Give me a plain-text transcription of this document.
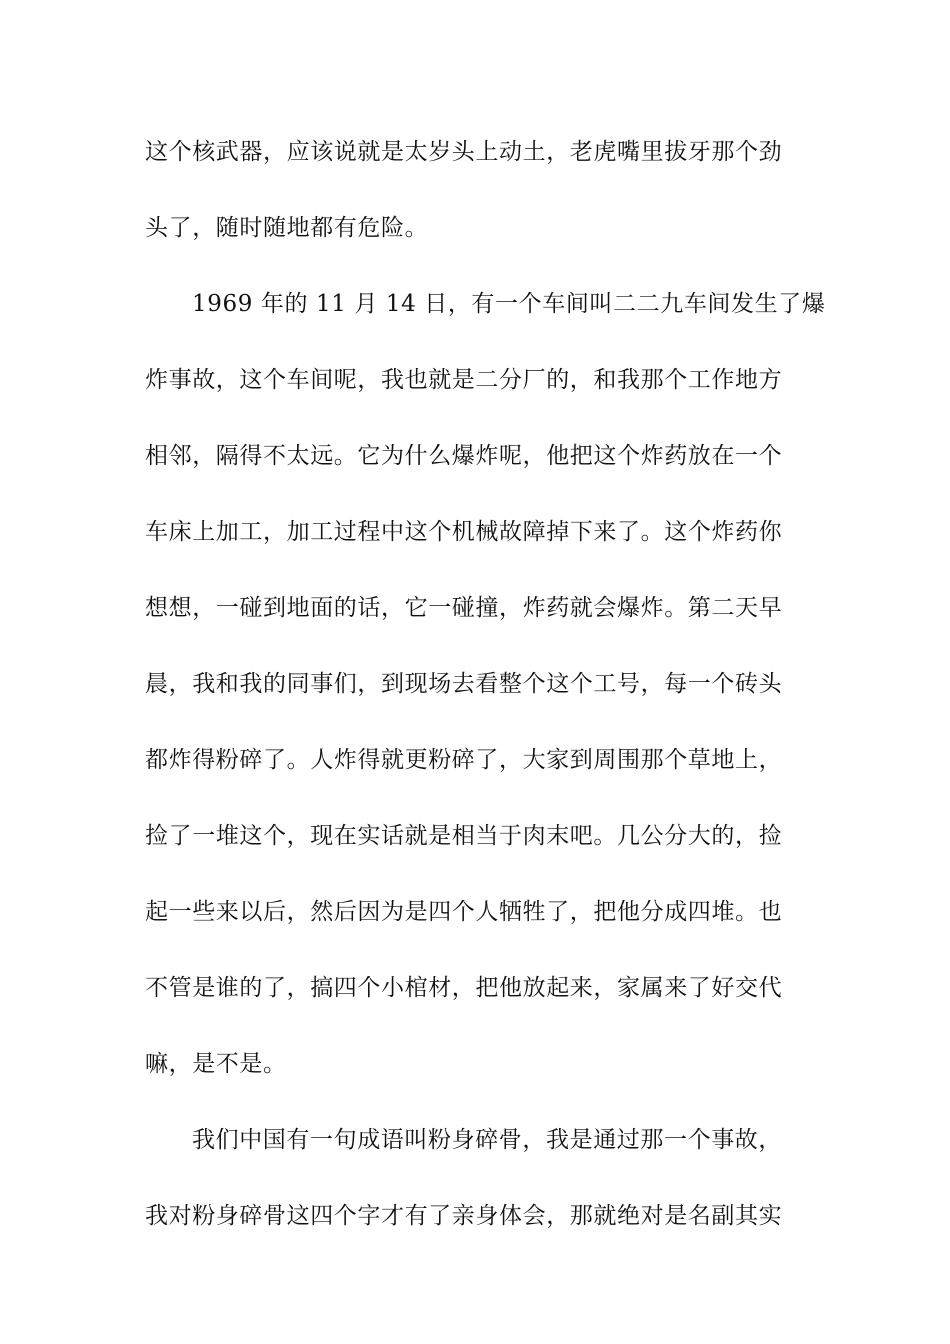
这个核武器，应该说就是太岁头上动土，老虎嘴里拔牙那个劲
头了，随时随地都有危险。
1969 年的 11 月 14 日，有一个车间叫二二九车间发生了爆
炸事故，这个车间呢，我也就是二分厂的，和我那个工作地方
相邻，隔得不太远。它为什么爆炸呢，他把这个炸药放在一个
车床上加工，加工过程中这个机械故障掉下来了。这个炸药你
想想，一碰到地面的话，它一碰撞，炸药就会爆炸。第二天早
晨，我和我的同事们，到现场去看整个这个工号，每一个砖头
都炸得粉碎了。人炸得就更粉碎了，大家到周围那个草地上，
捡了一堆这个，现在实话就是相当于肉末吧。几公分大的，捡
起一些来以后，然后因为是四个人牺牲了，把他分成四堆。也
不管是谁的了，搞四个小棺材，把他放起来，家属来了好交代
嘛，是不是。
我们中国有一句成语叫粉身碎骨，我是通过那一个事故，
我对粉身碎骨这四个字才有了亲身体会，那就绝对是名副其实
